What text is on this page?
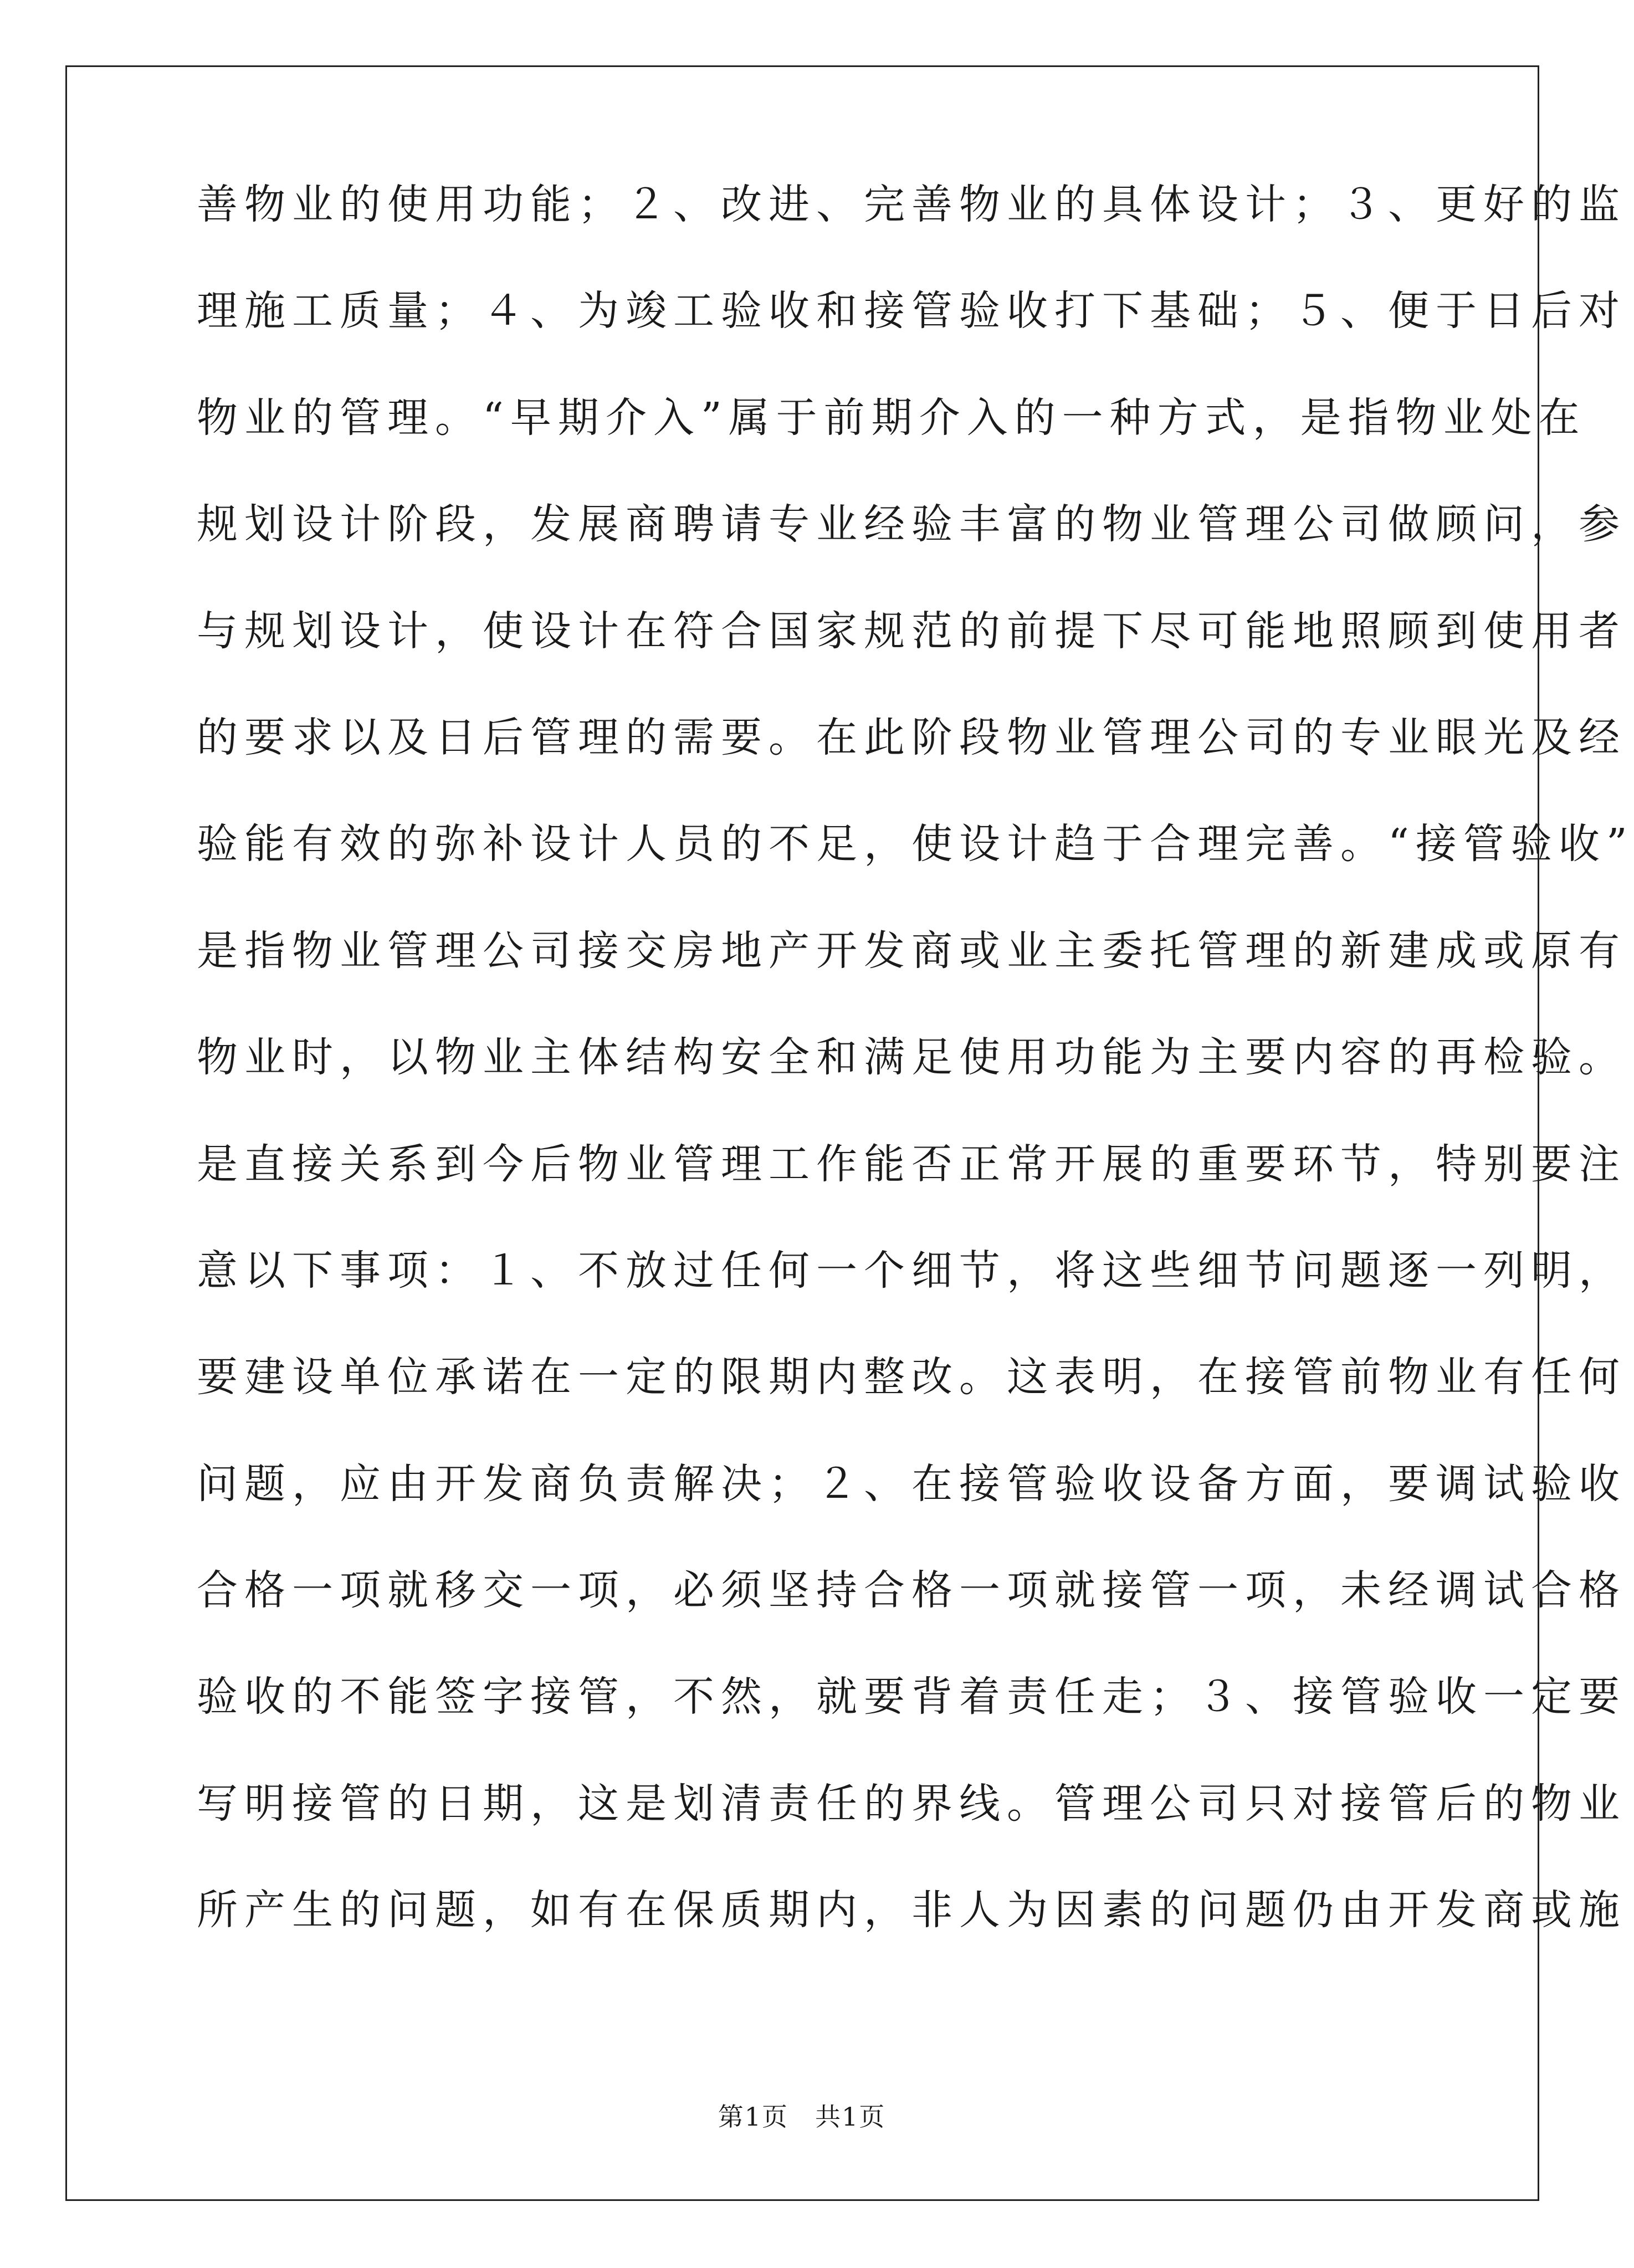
善物业的使用功能；２、改进、完善物业的具体设计；３、更好的监
理施工质量；４、为竣工验收和接管验收打下基础；５、便于日后对
物业的管理。“早期介入”属于前期介入的一种方式，是指物业处在
规划设计阶段，发展商聘请专业经验丰富的物业管理公司做顾问，参
与规划设计，使设计在符合国家规范的前提下尽可能地照顾到使用者
的要求以及日后管理的需要。在此阶段物业管理公司的专业眼光及经
验能有效的弥补设计人员的不足，使设计趋于合理完善。“接管验收”
是指物业管理公司接交房地产开发商或业主委托管理的新建成或原有
物业时，以物业主体结构安全和满足使用功能为主要内容的再检验。
是直接关系到今后物业管理工作能否正常开展的重要环节，特别要注
意以下事项：１、不放过任何一个细节，将这些细节问题逐一列明，
要建设单位承诺在一定的限期内整改。这表明，在接管前物业有任何
问题，应由开发商负责解决；２、在接管验收设备方面，要调试验收
合格一项就移交一项，必须坚持合格一项就接管一项，未经调试合格
验收的不能签字接管，不然，就要背着责任走；３、接管验收一定要
写明接管的日期，这是划清责任的界线。管理公司只对接管后的物业
所产生的问题，如有在保质期内，非人为因素的问题仍由开发商或施
第1页　共1页
